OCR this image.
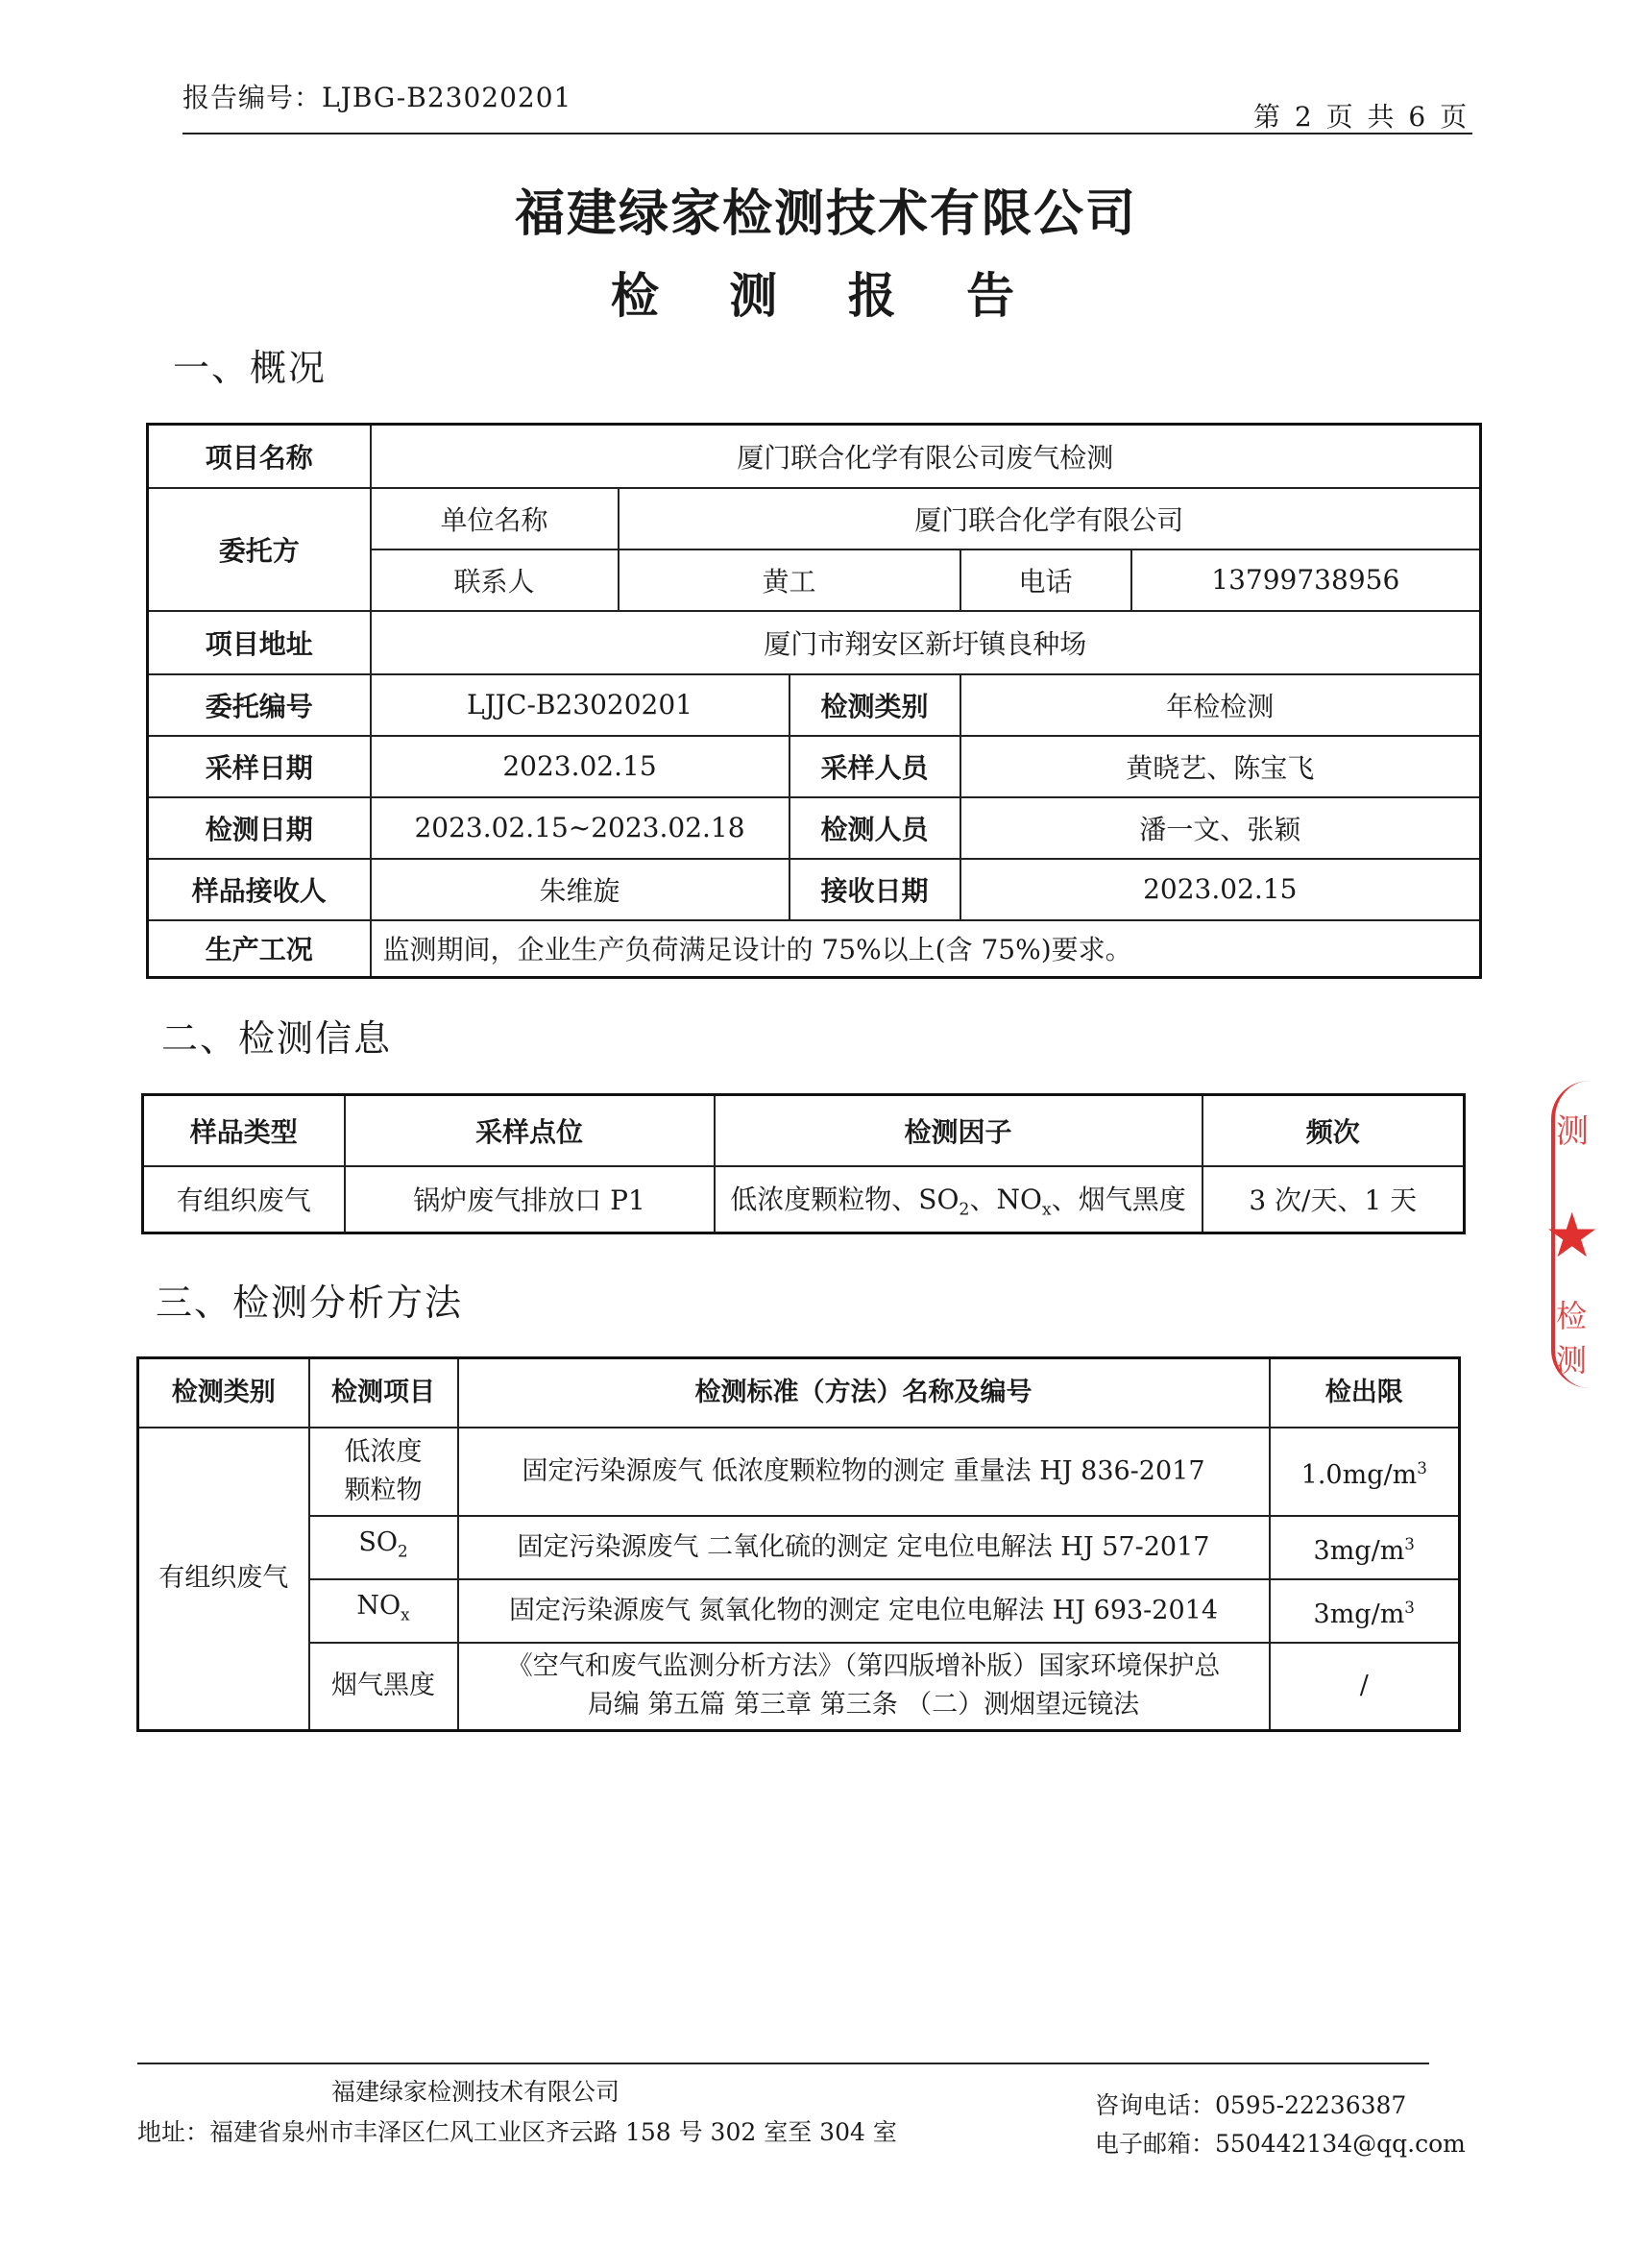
报告编号：LJBG-B23020201
第 2 页 共 6 页
福建绿家检测技术有限公司
检 测 报 告
一、概况
项目名称	厦门联合化学有限公司废气检测				
委托方	单位名称	厦门联合化学有限公司			
	联系人	黄工		电话	13799738956
项目地址	厦门市翔安区新圩镇良种场				
委托编号	LJJC-B23020201		检测类别	年检检测	
采样日期	2023.02.15		采样人员	黄晓艺、陈宝飞	
检测日期	2023.02.15~2023.02.18		检测人员	潘一文、张颖	
样品接收人	朱维旋		接收日期	2023.02.15	
生产工况	监测期间，企业生产负荷满足设计的 75%以上(含 75%)要求。				
二、检测信息
样品类型	采样点位	检测因子	频次
有组织废气	锅炉废气排放口 P1	低浓度颗粒物、$SO_2$、$NO_x$、烟气黑度	3 次/天、1 天
三、检测分析方法
检测类别	检测项目	检测标准（方法）名称及编号	检出限
有组织废气	低浓度
颗粒物	固定污染源废气 低浓度颗粒物的测定 重量法 HJ 836-2017	$1.0mg/m^3$
	$SO_2$	固定污染源废气 二氧化硫的测定 定电位电解法 HJ 57-2017	$3mg/m^3$
	$NO_x$	固定污染源废气 氮氧化物的测定 定电位电解法 HJ 693-2014	$3mg/m^3$
	烟气黑度	《空气和废气监测分析方法》（第四版增补版）国家环境保护总
局编 第五篇 第三章 第三条 （二）测烟望远镜法	/
福建绿家检测技术有限公司
地址：福建省泉州市丰泽区仁风工业区齐云路 158 号 302 室至 304 室
咨询电话：0595-22236387
电子邮箱：550442134@qq.com
测
★
检测
